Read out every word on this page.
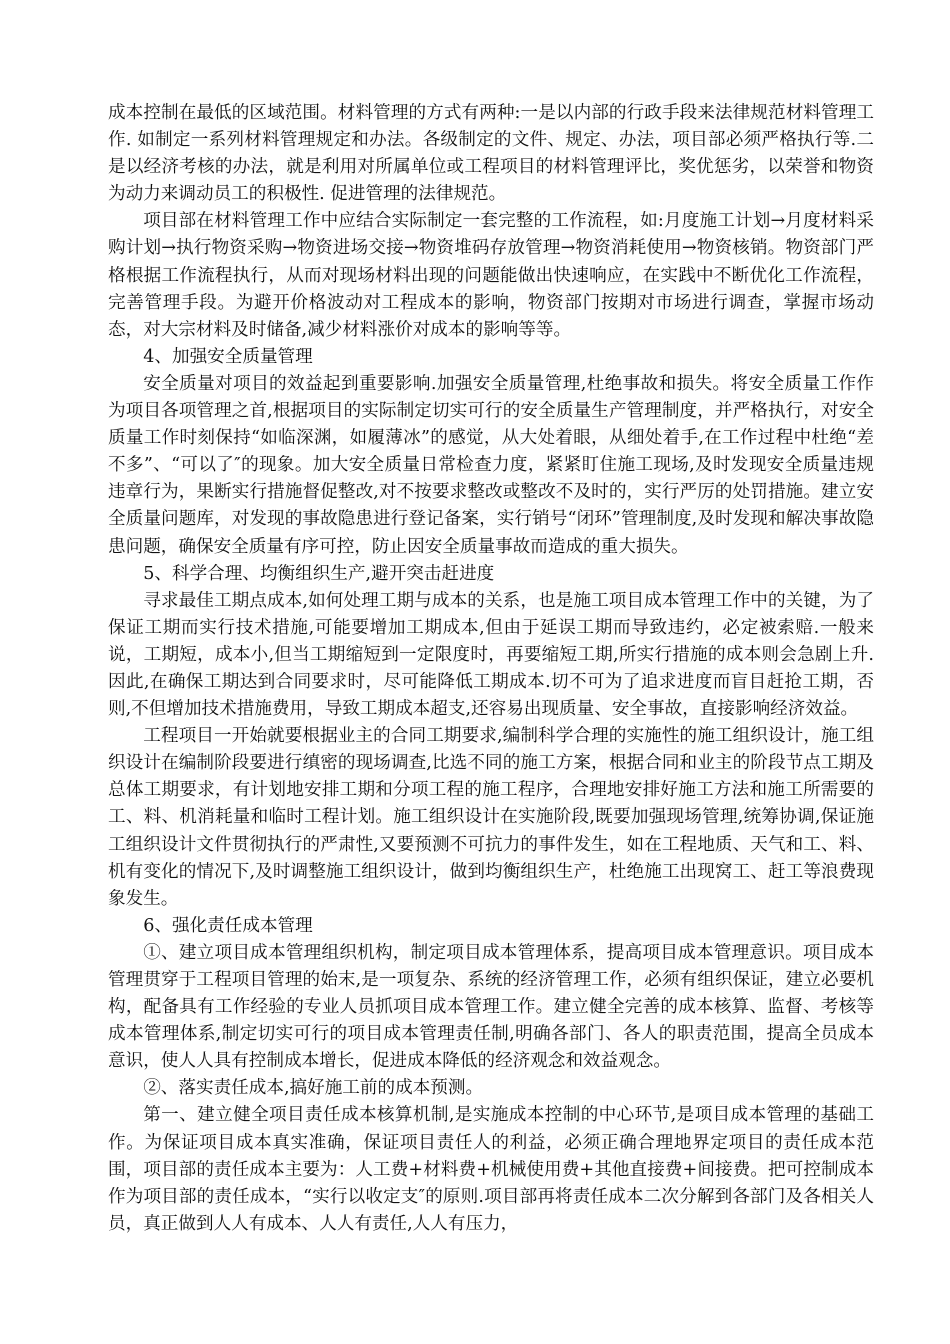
成本控制在最低的区域范围。材料管理的方式有两种:一是以内部的行政手段来法律规范材料管理工作. 如制定一系列材料管理规定和办法。各级制定的文件、规定、办法，项目部必须严格执行等.二是以经济考核的办法，就是利用对所属单位或工程项目的材料管理评比，奖优惩劣，以荣誉和物资为动力来调动员工的积极性. 促进管理的法律规范。

项目部在材料管理工作中应结合实际制定一套完整的工作流程，如:月度施工计划→月度材料采购计划→执行物资采购→物资进场交接→物资堆码存放管理→物资消耗使用→物资核销。物资部门严格根据工作流程执行，从而对现场材料出现的问题能做出快速响应，在实践中不断优化工作流程，完善管理手段。为避开价格波动对工程成本的影响，物资部门按期对市场进行调查，掌握市场动态，对大宗材料及时储备,减少材料涨价对成本的影响等等。

4、加强安全质量管理

安全质量对项目的效益起到重要影响.加强安全质量管理,杜绝事故和损失。将安全质量工作作为项目各项管理之首,根据项目的实际制定切实可行的安全质量生产管理制度，并严格执行，对安全质量工作时刻保持“如临深渊，如履薄冰”的感觉，从大处着眼，从细处着手,在工作过程中杜绝“差不多”、“可以了″的现象。加大安全质量日常检查力度，紧紧盯住施工现场,及时发现安全质量违规违章行为，果断实行措施督促整改,对不按要求整改或整改不及时的，实行严厉的处罚措施。建立安全质量问题库，对发现的事故隐患进行登记备案，实行销号“闭环”管理制度,及时发现和解决事故隐患问题，确保安全质量有序可控，防止因安全质量事故而造成的重大损失。

5、科学合理、均衡组织生产,避开突击赶进度

寻求最佳工期点成本,如何处理工期与成本的关系，也是施工项目成本管理工作中的关键，为了保证工期而实行技术措施,可能要增加工期成本,但由于延误工期而导致违约，必定被索赔.一般来说，工期短，成本小,但当工期缩短到一定限度时，再要缩短工期,所实行措施的成本则会急剧上升.因此,在确保工期达到合同要求时，尽可能降低工期成本.切不可为了追求进度而盲目赶抢工期，否则,不但增加技术措施费用，导致工期成本超支,还容易出现质量、安全事故，直接影响经济效益。

工程项目一开始就要根据业主的合同工期要求,编制科学合理的实施性的施工组织设计，施工组织设计在编制阶段要进行缜密的现场调查,比选不同的施工方案，根据合同和业主的阶段节点工期及总体工期要求，有计划地安排工期和分项工程的施工程序，合理地安排好施工方法和施工所需要的工、料、机消耗量和临时工程计划。施工组织设计在实施阶段,既要加强现场管理,统筹协调,保证施工组织设计文件贯彻执行的严肃性,又要预测不可抗力的事件发生，如在工程地质、天气和工、料、机有变化的情况下,及时调整施工组织设计，做到均衡组织生产，杜绝施工出现窝工、赶工等浪费现象发生。

6、强化责任成本管理

①、建立项目成本管理组织机构，制定项目成本管理体系，提高项目成本管理意识。项目成本管理贯穿于工程项目管理的始末,是一项复杂、系统的经济管理工作，必须有组织保证，建立必要机构，配备具有工作经验的专业人员抓项目成本管理工作。建立健全完善的成本核算、监督、考核等成本管理体系,制定切实可行的项目成本管理责任制,明确各部门、各人的职责范围，提高全员成本意识，使人人具有控制成本增长，促进成本降低的经济观念和效益观念。

②、落实责任成本,搞好施工前的成本预测。

第一、建立健全项目责任成本核算机制,是实施成本控制的中心环节,是项目成本管理的基础工作。为保证项目成本真实准确，保证项目责任人的利益，必须正确合理地界定项目的责任成本范围，项目部的责任成本主要为：人工费+材料费+机械使用费+其他直接费+间接费。把可控制成本作为项目部的责任成本，“实行以收定支″的原则.项目部再将责任成本二次分解到各部门及各相关人员，真正做到人人有成本、人人有责任,人人有压力，
